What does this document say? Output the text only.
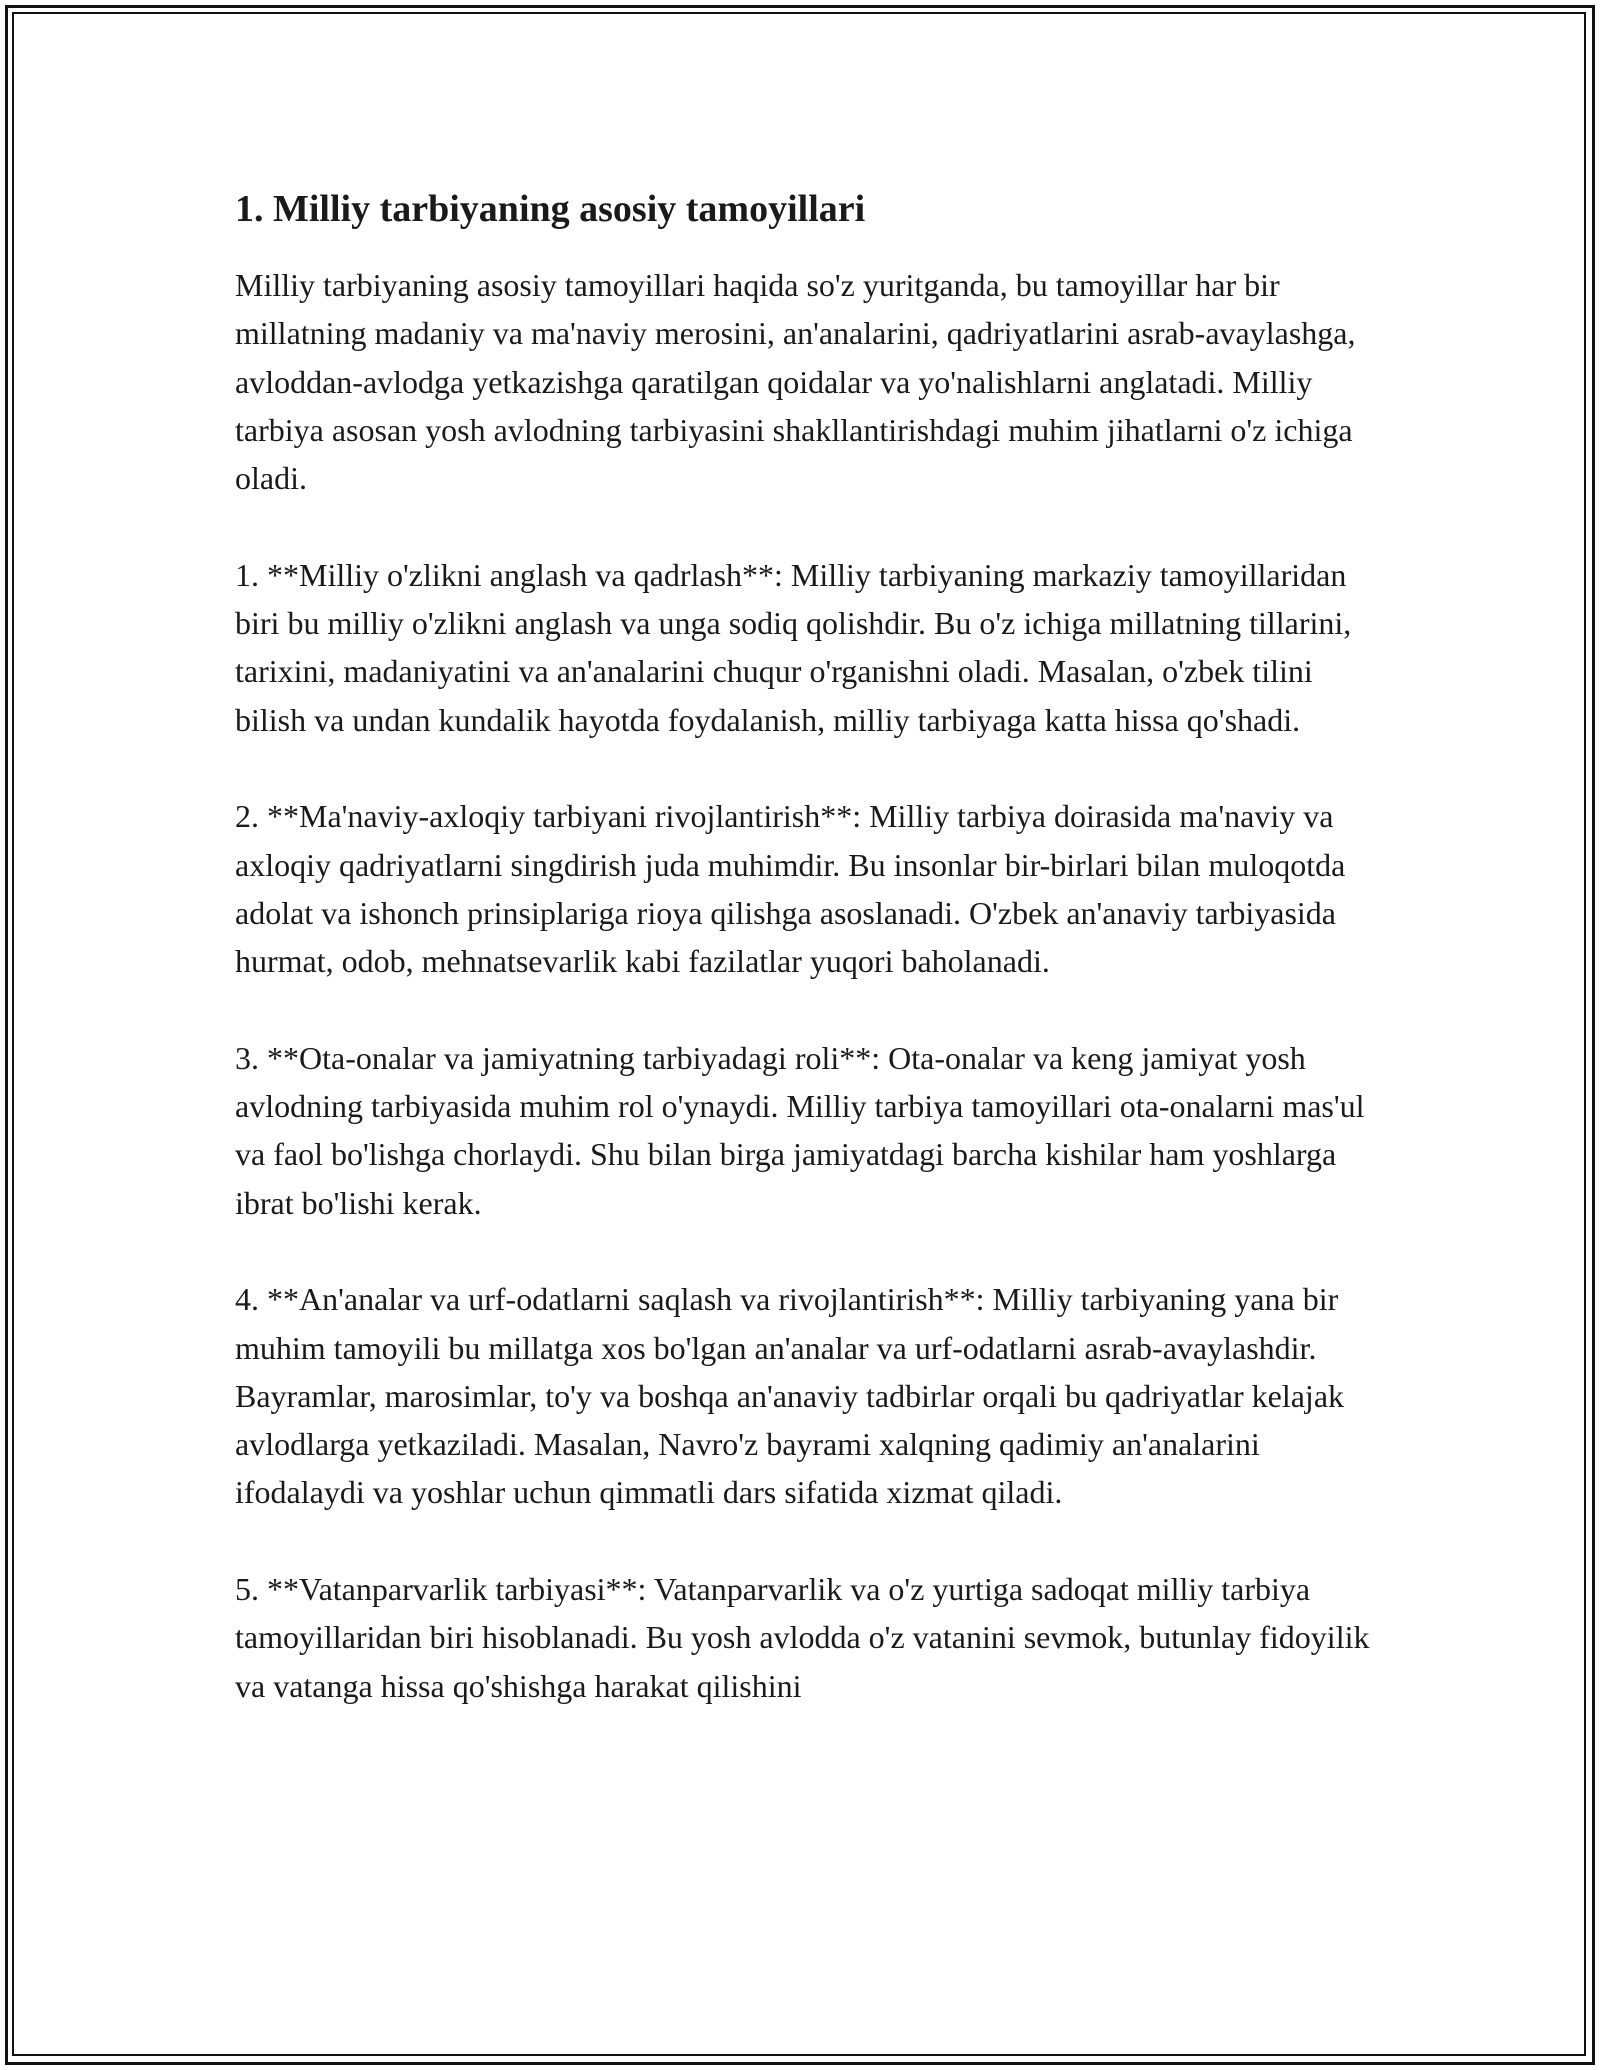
1. Milliy tarbiyaning asosiy tamoyillari

Milliy tarbiyaning asosiy tamoyillari haqida so'z yuritganda, bu tamoyillar har bir millatning madaniy va ma'naviy merosini, an'analarini, qadriyatlarini asrab-avaylashga, avloddan-avlodga yetkazishga qaratilgan qoidalar va yo'nalishlarni anglatadi. Milliy tarbiya asosan yosh avlodning tarbiyasini shakllantirishdagi muhim jihatlarni o'z ichiga oladi.

1. **Milliy o'zlikni anglash va qadrlash**: Milliy tarbiyaning markaziy tamoyillaridan biri bu milliy o'zlikni anglash va unga sodiq qolishdir. Bu o'z ichiga millatning tillarini, tarixini, madaniyatini va an'analarini chuqur o'rganishni oladi. Masalan, o'zbek tilini bilish va undan kundalik hayotda foydalanish, milliy tarbiyaga katta hissa qo'shadi.

2. **Ma'naviy-axloqiy tarbiyani rivojlantirish**: Milliy tarbiya doirasida ma'naviy va axloqiy qadriyatlarni singdirish juda muhimdir. Bu insonlar bir-birlari bilan muloqotda adolat va ishonch prinsiplariga rioya qilishga asoslanadi. O'zbek an'anaviy tarbiyasida hurmat, odob, mehnatsevarlik kabi fazilatlar yuqori baholanadi.

3. **Ota-onalar va jamiyatning tarbiyadagi roli**: Ota-onalar va keng jamiyat yosh avlodning tarbiyasida muhim rol o'ynaydi. Milliy tarbiya tamoyillari ota-onalarni mas'ul va faol bo'lishga chorlaydi. Shu bilan birga jamiyatdagi barcha kishilar ham yoshlarga ibrat bo'lishi kerak.

4. **An'analar va urf-odatlarni saqlash va rivojlantirish**: Milliy tarbiyaning yana bir muhim tamoyili bu millatga xos bo'lgan an'analar va urf-odatlarni asrab-avaylashdir. Bayramlar, marosimlar, to'y va boshqa an'anaviy tadbirlar orqali bu qadriyatlar kelajak avlodlarga yetkaziladi. Masalan, Navro'z bayrami xalqning qadimiy an'analarini ifodalaydi va yoshlar uchun qimmatli dars sifatida xizmat qiladi.

5. **Vatanparvarlik tarbiyasi**: Vatanparvarlik va o'z yurtiga sadoqat milliy tarbiya tamoyillaridan biri hisoblanadi. Bu yosh avlodda o'z vatanini sevmok, butunlay fidoyilik va vatanga hissa qo'shishga harakat qilishini
